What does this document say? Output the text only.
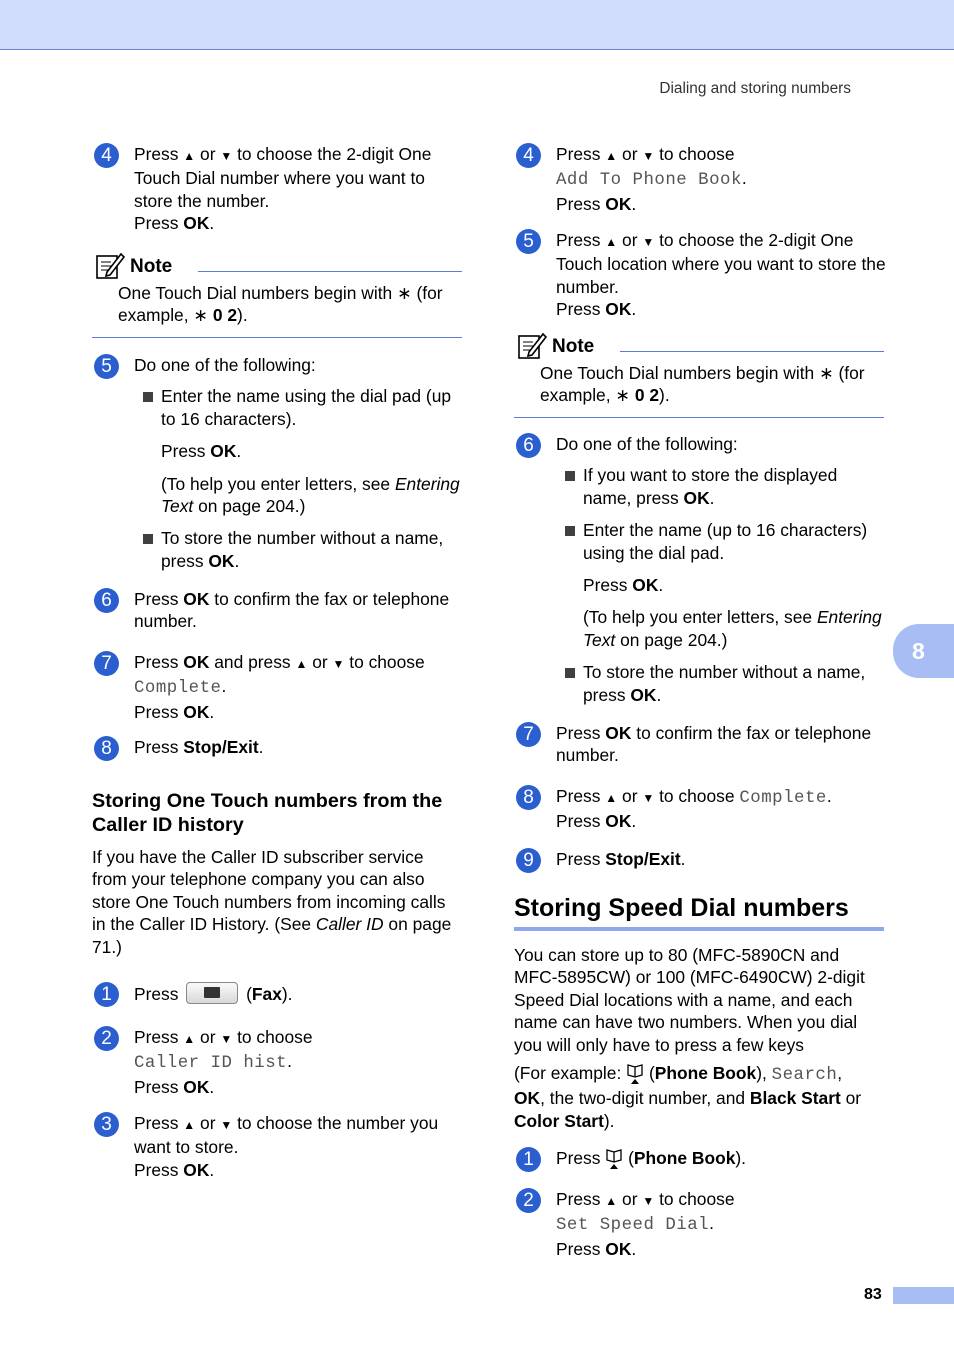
Dialing and storing numbers
4	Press ▲ or ▼ to choose the 2-digit One Touch Dial number where you want to store the number.
Press OK.
Note
One Touch Dial numbers begin with ∗ (for example, ∗ 0 2).
5	Do one of the following:
Enter the name using the dial pad (up to 16 characters).
Press OK.
(To help you enter letters, see Entering Text on page 204.)
To store the number without a name, press OK.
6	Press OK to confirm the fax or telephone number.
7	Press OK and press ▲ or ▼ to choose
Complete.
Press OK.
8	Press Stop/Exit.
Storing One Touch numbers from the Caller ID history
If you have the Caller ID subscriber service from your telephone company you can also store One Touch numbers from incoming calls in the Caller ID History. (See Caller ID on page 71.)
1	Press	(Fax).
2	Press ▲ or ▼ to choose
Caller ID hist.
Press OK.
3	Press ▲ or ▼ to choose the number you want to store.
Press OK.
4	Press ▲ or ▼ to choose
Add To Phone Book.
Press OK.
5	Press ▲ or ▼ to choose the 2-digit One Touch location where you want to store the number.
Press OK.
Note
One Touch Dial numbers begin with ∗ (for example, ∗ 0 2).
6	Do one of the following:
If you want to store the displayed name, press OK.
Enter the name (up to 16 characters) using the dial pad.
Press OK.
(To help you enter letters, see Entering Text on page 204.)
To store the number without a name, press OK.
7	Press OK to confirm the fax or telephone number.
8	Press ▲ or ▼ to choose Complete.
Press OK.
9	Press Stop/Exit.
Storing Speed Dial numbers
You can store up to 80 (MFC-5890CN and MFC-5895CW) or 100 (MFC-6490CW) 2-digit Speed Dial locations with a name, and each name can have two numbers. When you dial you will only have to press a few keys
(For example:  (Phone Book), Search,
OK, the two-digit number, and Black Start or
Color Start).
1	Press  (Phone Book).
2	Press ▲ or ▼ to choose
Set Speed Dial.
Press OK.
8
83
